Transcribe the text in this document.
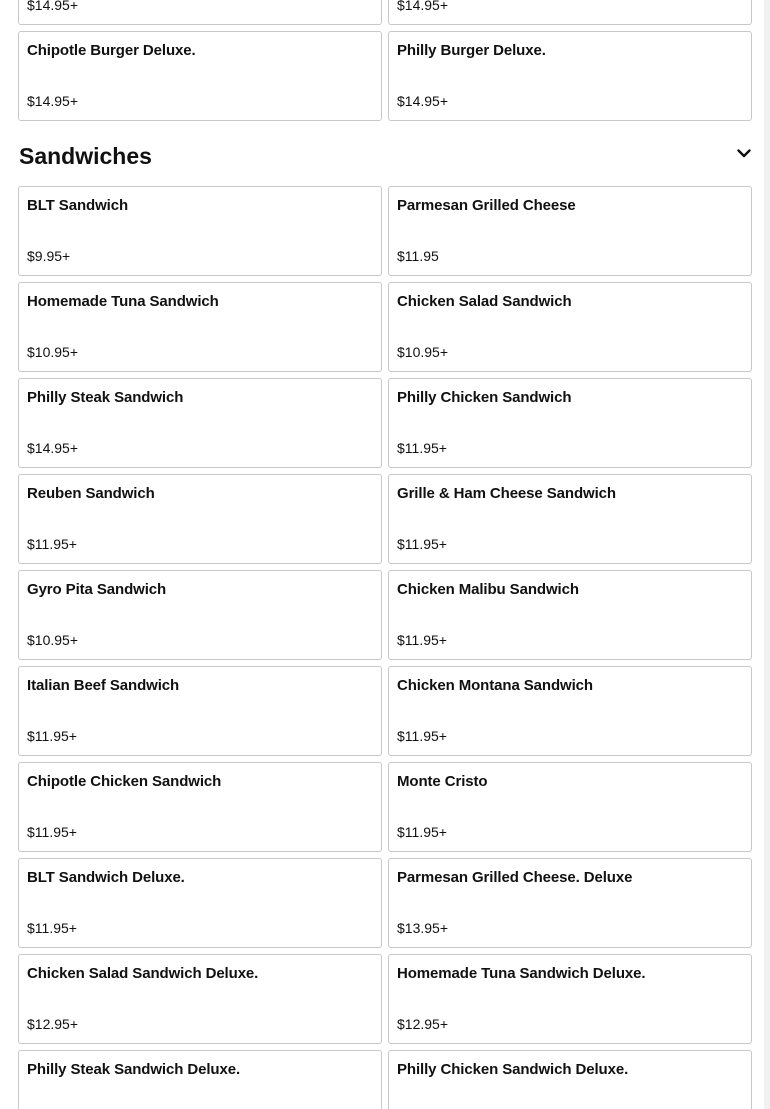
$14.95+	$14.95+
Chipotle Burger Deluxe.
$14.95+
Philly Burger Deluxe.
$14.95+
Sandwiches
BLT Sandwich
$9.95+
Parmesan Grilled Cheese
$11.95
Homemade Tuna Sandwich
$10.95+
Chicken Salad Sandwich
$10.95+
Philly Steak Sandwich
$14.95+
Philly Chicken Sandwich
$11.95+
Reuben Sandwich
$11.95+
Grille & Ham Cheese Sandwich
$11.95+
Gyro Pita Sandwich
$10.95+
Chicken Malibu Sandwich
$11.95+
Italian Beef Sandwich
$11.95+
Chicken Montana Sandwich
$11.95+
Chipotle Chicken Sandwich
$11.95+
Monte Cristo
$11.95+
BLT Sandwich Deluxe.
$11.95+
Parmesan Grilled Cheese. Deluxe
$13.95+
Chicken Salad Sandwich Deluxe.
$12.95+
Homemade Tuna Sandwich Deluxe.
$12.95+
Philly Steak Sandwich Deluxe.	Philly Chicken Sandwich Deluxe.
